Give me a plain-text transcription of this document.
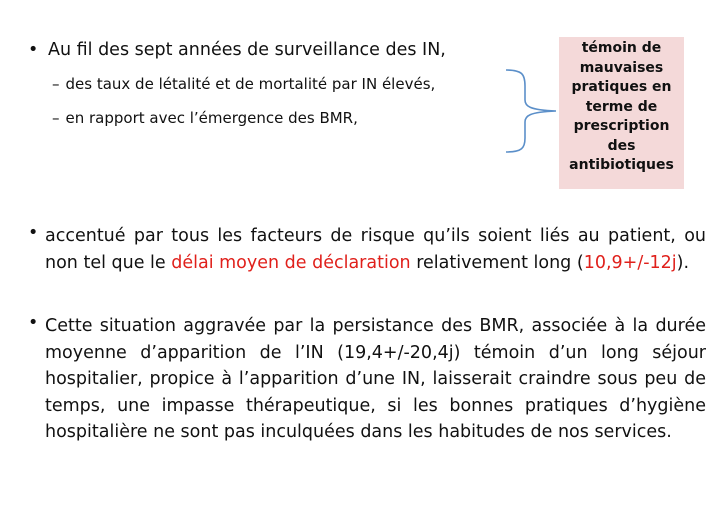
• Au fil des sept années de surveillance des IN,
– des taux de létalité et de mortalité par IN élevés,
– en rapport avec l’émergence des BMR,
témoin de mauvaises pratiques en terme de prescription des antibiotiques
• accentué par tous les facteurs de risque qu’ils soient liés au patient, ou non tel que le délai moyen de déclaration relativement long (10,9+/-12j).
• Cette situation aggravée par la persistance des BMR, associée à la durée moyenne d’apparition de l’IN (19,4+/-20,4j) témoin d’un long séjour hospitalier, propice à l’apparition d’une IN, laisserait craindre sous peu de temps, une impasse thérapeutique, si les bonnes pratiques d’hygiène hospitalière ne sont pas inculquées dans les habitudes de nos services.
